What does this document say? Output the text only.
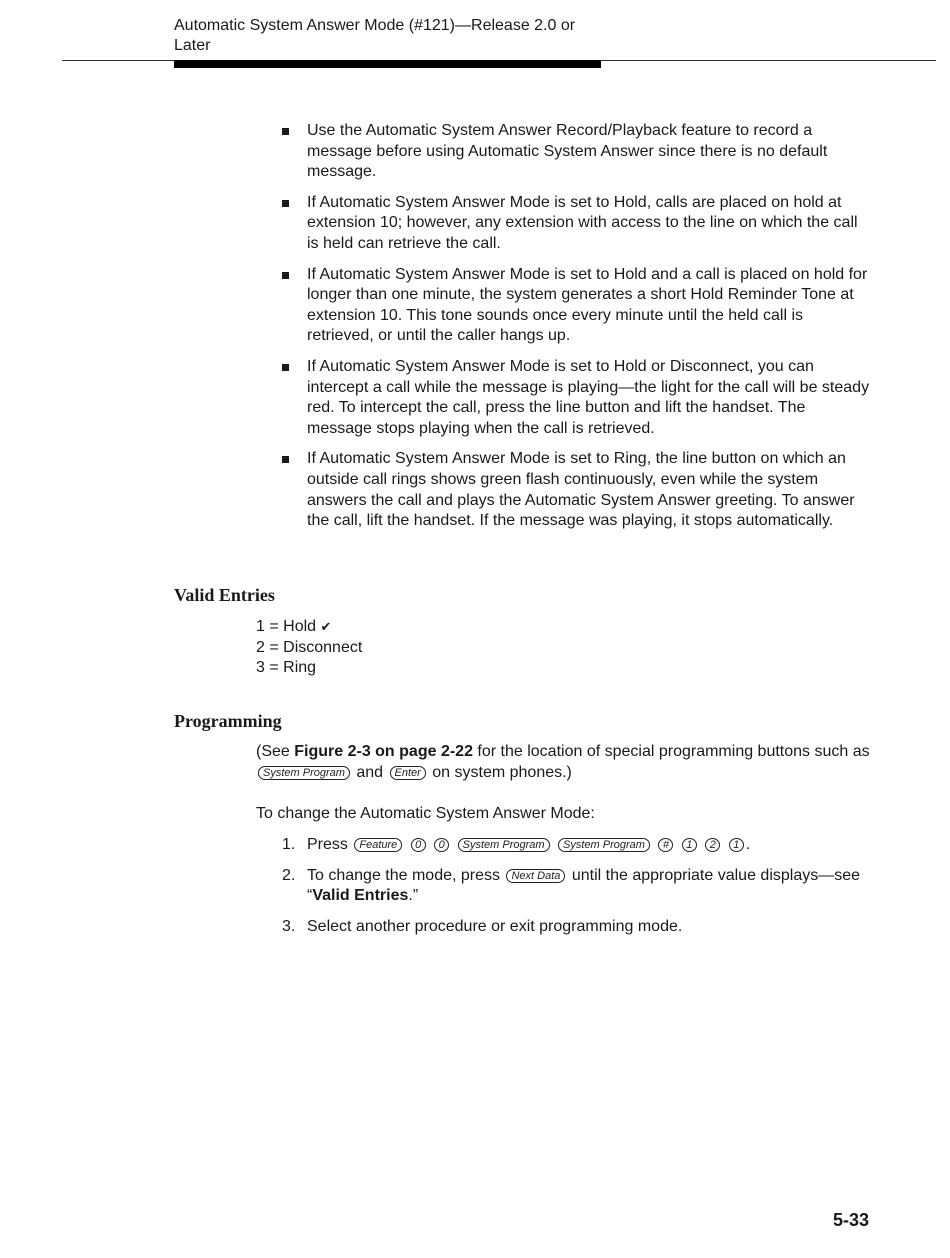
Automatic System Answer Mode (#121)—Release 2.0 or Later
Use the Automatic System Answer Record/Playback feature to record a message before using Automatic System Answer since there is no default message.
If Automatic System Answer Mode is set to Hold, calls are placed on hold at extension 10; however, any extension with access to the line on which the call is held can retrieve the call.
If Automatic System Answer Mode is set to Hold and a call is placed on hold for longer than one minute, the system generates a short Hold Reminder Tone at extension 10. This tone sounds once every minute until the held call is retrieved, or until the caller hangs up.
If Automatic System Answer Mode is set to Hold or Disconnect, you can intercept a call while the message is playing—the light for the call will be steady red. To intercept the call, press the line button and lift the handset. The message stops playing when the call is retrieved.
If Automatic System Answer Mode is set to Ring, the line button on which an outside call rings shows green flash continuously, even while the system answers the call and plays the Automatic System Answer greeting. To answer the call, lift the handset. If the message was playing, it stops automatically.
Valid Entries
1 = Hold ✔
2 = Disconnect
3 = Ring
Programming

(See Figure 2-3 on page 2-22 for the location of special programming buttons such as System Program and Enter on system phones.)

To change the Automatic System Answer Mode:

1. Press Feature 0 0 System Program System Program # 1 2 1 .
2. To change the mode, press Next Data until the appropriate value displays—see “Valid Entries.”
3. Select another procedure or exit programming mode.
5-33
